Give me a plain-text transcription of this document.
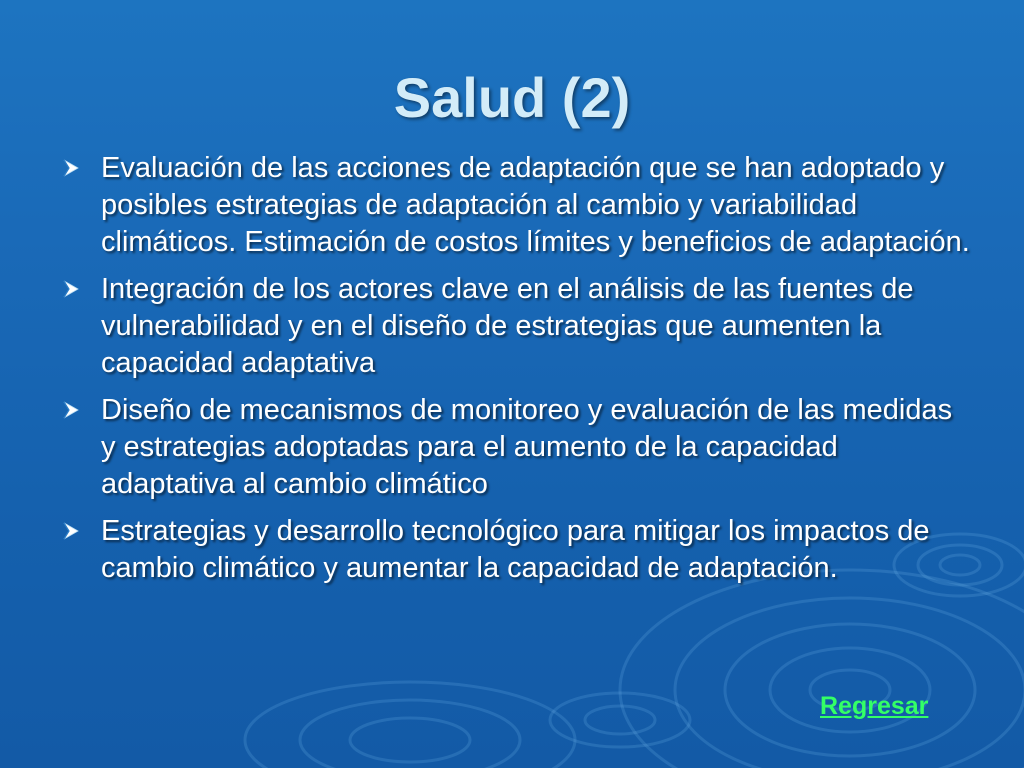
Salud (2)
Evaluación de las acciones de adaptación que se han adoptado y posibles estrategias de adaptación al cambio y variabilidad climáticos. Estimación de costos límites y beneficios de adaptación.
Integración de los actores clave en el análisis de las fuentes de vulnerabilidad y en el diseño de estrategias que aumenten la capacidad adaptativa
Diseño de mecanismos de monitoreo y evaluación de las medidas y estrategias adoptadas para el aumento de la capacidad adaptativa al cambio climático
Estrategias y desarrollo tecnológico para mitigar los impactos de cambio climático y aumentar la capacidad de adaptación.
Regresar
